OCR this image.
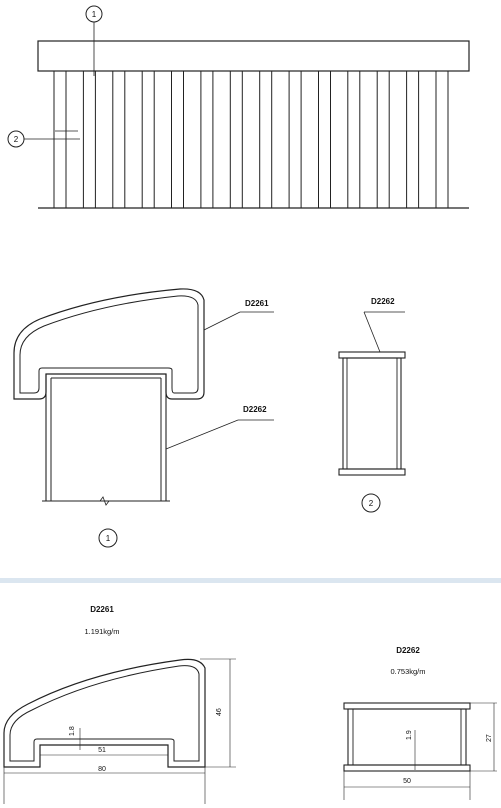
1
2
D2261
D2262
1
D2262
2
D2261
1.191kg/m
46
1.8
51
80
D2262
0.753kg/m
1.9	27
50
